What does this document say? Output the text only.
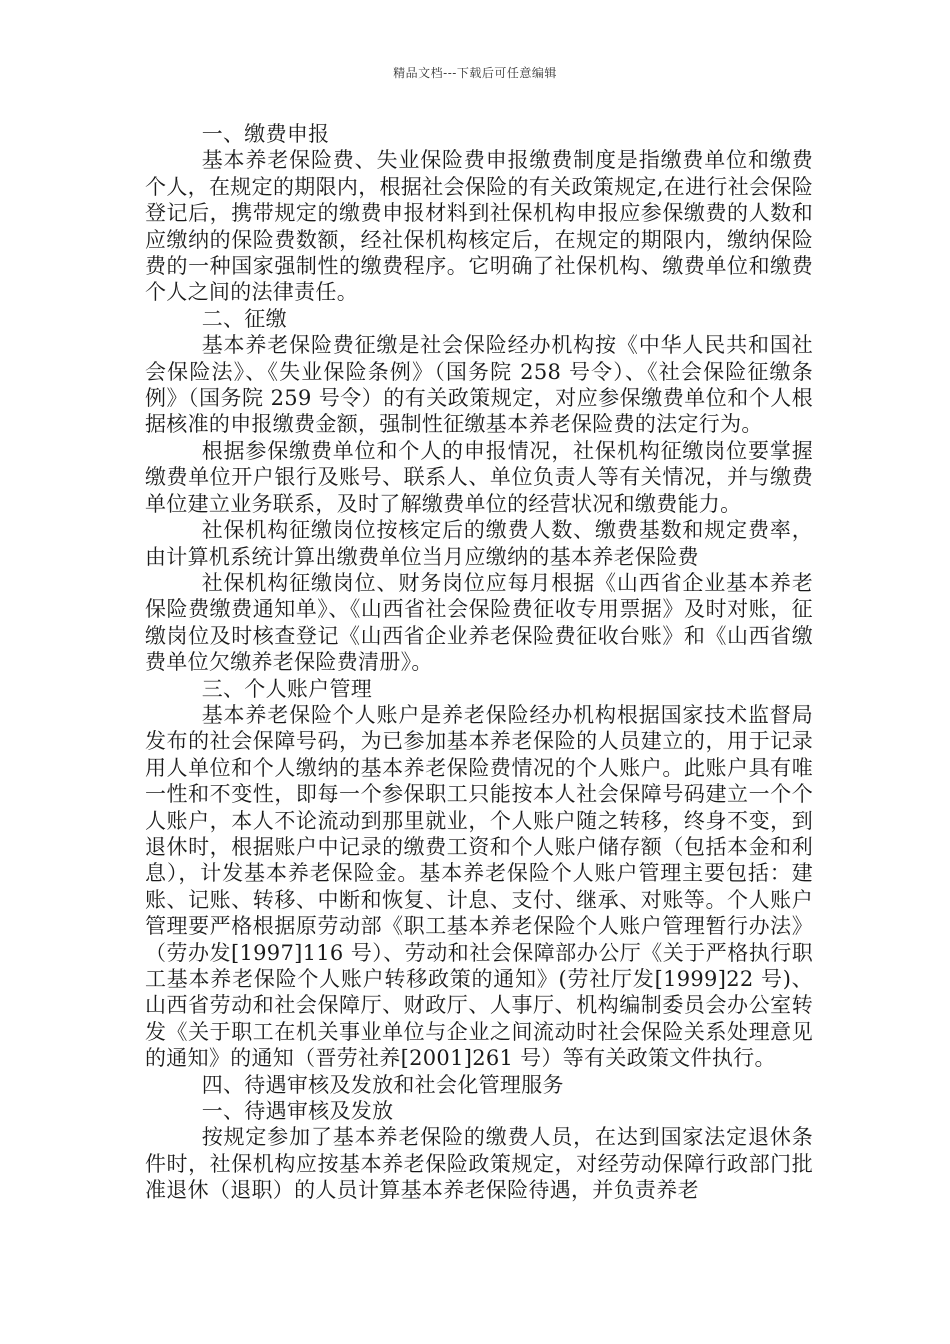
精品文档---下载后可任意编辑

一、缴费申报

基本养老保险费、失业保险费申报缴费制度是指缴费单位和缴费个人，在规定的期限内，根据社会保险的有关政策规定,在进行社会保险登记后，携带规定的缴费申报材料到社保机构申报应参保缴费的人数和应缴纳的保险费数额，经社保机构核定后，在规定的期限内，缴纳保险费的一种国家强制性的缴费程序。它明确了社保机构、缴费单位和缴费个人之间的法律责任。

二、征缴

基本养老保险费征缴是社会保险经办机构按《中华人民共和国社会保险法》、《失业保险条例》（国务院 258 号令）、《社会保险征缴条例》（国务院 259 号令）的有关政策规定，对应参保缴费单位和个人根据核准的申报缴费金额，强制性征缴基本养老保险费的法定行为。

根据参保缴费单位和个人的申报情况，社保机构征缴岗位要掌握缴费单位开户银行及账号、联系人、单位负责人等有关情况，并与缴费单位建立业务联系，及时了解缴费单位的经营状况和缴费能力。

社保机构征缴岗位按核定后的缴费人数、缴费基数和规定费率，由计算机系统计算出缴费单位当月应缴纳的基本养老保险费

社保机构征缴岗位、财务岗位应每月根据《山西省企业基本养老保险费缴费通知单》、《山西省社会保险费征收专用票据》及时对账，征缴岗位及时核查登记《山西省企业养老保险费征收台账》和《山西省缴费单位欠缴养老保险费清册》。

三、个人账户管理

基本养老保险个人账户是养老保险经办机构根据国家技术监督局发布的社会保障号码，为已参加基本养老保险的人员建立的，用于记录用人单位和个人缴纳的基本养老保险费情况的个人账户。此账户具有唯一性和不变性，即每一个参保职工只能按本人社会保障号码建立一个个人账户，本人不论流动到那里就业，个人账户随之转移，终身不变，到退休时，根据账户中记录的缴费工资和个人账户储存额（包括本金和利息），计发基本养老保险金。基本养老保险个人账户管理主要包括：建账、记账、转移、中断和恢复、计息、支付、继承、对账等。个人账户管理要严格根据原劳动部《职工基本养老保险个人账户管理暂行办法》（劳办发[1997]116 号）、劳动和社会保障部办公厅《关于严格执行职工基本养老保险个人账户转移政策的通知》(劳社厅发[1999]22 号)、山西省劳动和社会保障厅、财政厅、人事厅、机构编制委员会办公室转发《关于职工在机关事业单位与企业之间流动时社会保险关系处理意见的通知》的通知（晋劳社养[2001]261 号）等有关政策文件执行。

四、待遇审核及发放和社会化管理服务

一、待遇审核及发放

按规定参加了基本养老保险的缴费人员，在达到国家法定退休条件时，社保机构应按基本养老保险政策规定，对经劳动保障行政部门批准退休（退职）的人员计算基本养老保险待遇，并负责养老
